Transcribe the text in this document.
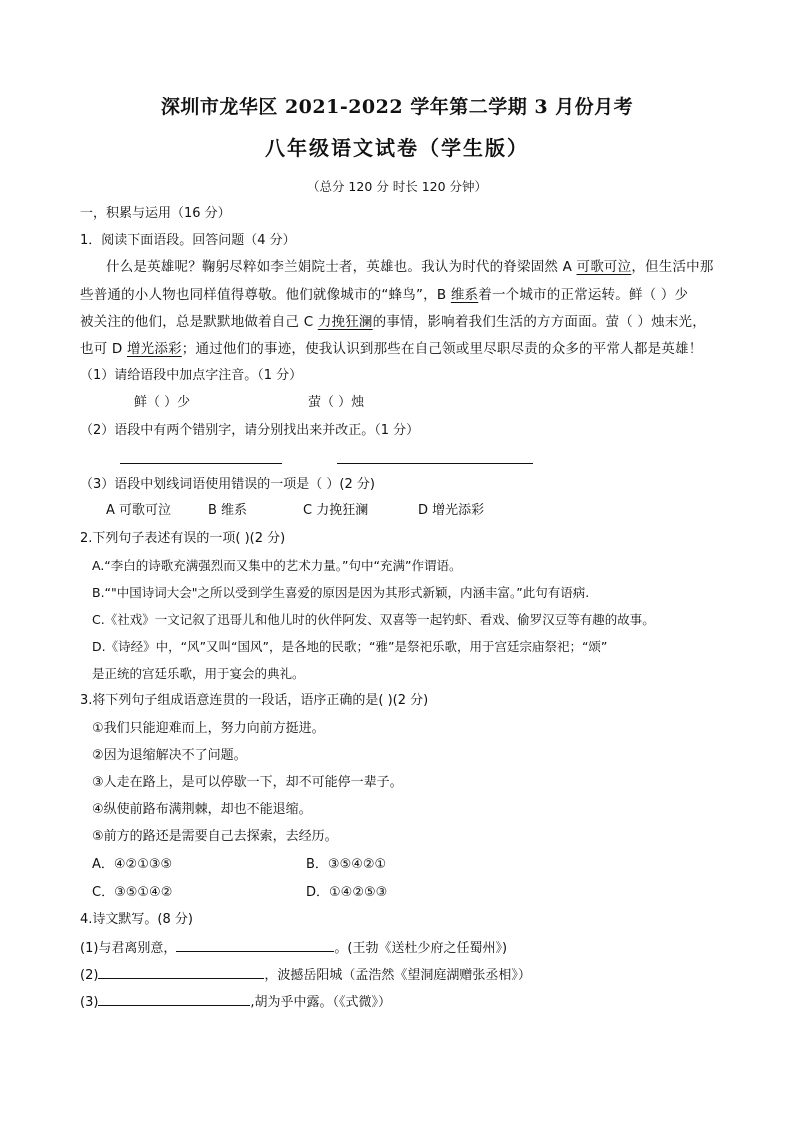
深圳市龙华区 2021-2022 学年第二学期 3 月份月考
八年级语文试卷（学生版）
（总分 120 分 时长 120 分钟）
一，积累与运用（16 分）
1．阅读下面语段。回答问题（4 分）
什么是英雄呢？鞠躬尽粹如李兰娟院士者，英雄也。我认为时代的脊梁固然 A 可歌可泣，但生活中那
些普通的小人物也同样值得尊敬。他们就像城市的“蜂鸟”，B 维系着一个城市的正常运转。鲜（ ）少
被关注的他们，总是默默地做着自己 C 力挽狂澜的事情，影响着我们生活的方方面面。萤（ ）烛末光，
也可 D 增光添彩；通过他们的事迹，使我认识到那些在自己领或里尽职尽责的众多的平常人都是英雄！
（1）请给语段中加点字注音。（1 分）
鲜（ ）少	萤（ ）烛
（2）语段中有两个错别字，请分别找出来并改正。（1 分）
（3）语段中划线词语使用错误的一项是（ ）(2 分)
A 可歌可泣	B 维系	C 力挽狂澜	D 增光添彩
2.下列句子表述有误的一项( )(2 分)
A.“李白的诗歌充满强烈而又集中的艺术力量。”句中“充满”作谓语。
B.“"中国诗词大会"之所以受到学生喜爱的原因是因为其形式新颖，内涵丰富。”此句有语病.
C.《社戏》一文记叙了迅哥儿和他儿时的伙伴阿发、双喜等一起钓虾、看戏、偷罗汉豆等有趣的故事。
D.《诗经》中，“风”又叫“国风”，是各地的民歌；“雅”是祭祀乐歌，用于宫廷宗庙祭祀；“颂”
是正统的宫廷乐歌，用于宴会的典礼。
3.将下列句子组成语意连贯的一段话，语序正确的是( )(2 分)
①我们只能迎难而上，努力向前方挺进。
②因为退缩解决不了问题。
③人走在路上，是可以停歇一下，却不可能停一辈子。
④纵使前路布满荆棘，却也不能退缩。
⑤前方的路还是需要自己去探索，去经历。
A．④②①③⑤	B．③⑤④②①
C．③⑤①④②	D．①④②⑤③
4.诗文默写。(8 分)
(1)与君离别意，	。(王勃《送杜少府之任蜀州》)
(2)	，波撼岳阳城（孟浩然《望洞庭湖赠张丞相》）
(3)	,胡为乎中露。（《式微》）
